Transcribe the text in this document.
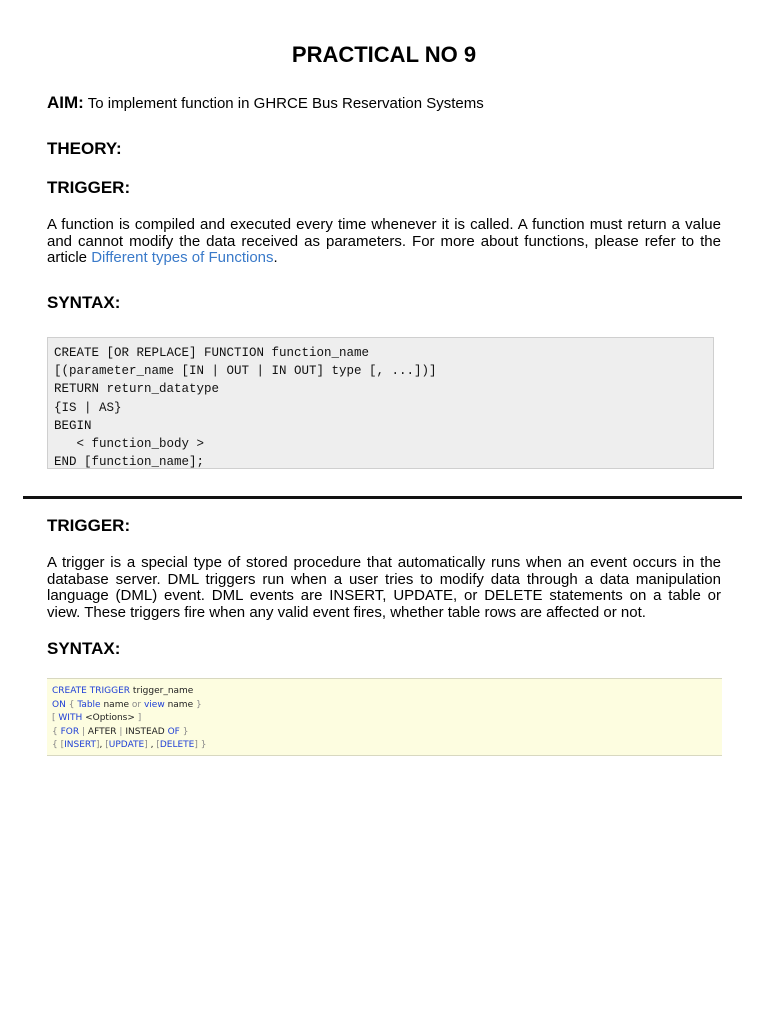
PRACTICAL NO 9
AIM: To implement function in GHRCE Bus Reservation Systems
THEORY:
TRIGGER:
A function is compiled and executed every time whenever it is called. A function must return a value and cannot modify the data received as parameters. For more about functions, please refer to the article Different types of Functions.
SYNTAX:
CREATE [OR REPLACE] FUNCTION function_name
[(parameter_name [IN | OUT | IN OUT] type [, ...])]
RETURN return_datatype
{IS | AS}
BEGIN
< function_body >
END [function_name];
TRIGGER:
A trigger is a special type of stored procedure that automatically runs when an event occurs in the database server. DML triggers run when a user tries to modify data through a data manipulation language (DML) event. DML events are INSERT, UPDATE, or DELETE statements on a table or view. These triggers fire when any valid event fires, whether table rows are affected or not.
SYNTAX:
CREATE TRIGGER trigger_name
ON { Table name or view name }
[ WITH <Options> ]
{ FOR | AFTER | INSTEAD OF }
{ [INSERT], [UPDATE] , [DELETE] }
